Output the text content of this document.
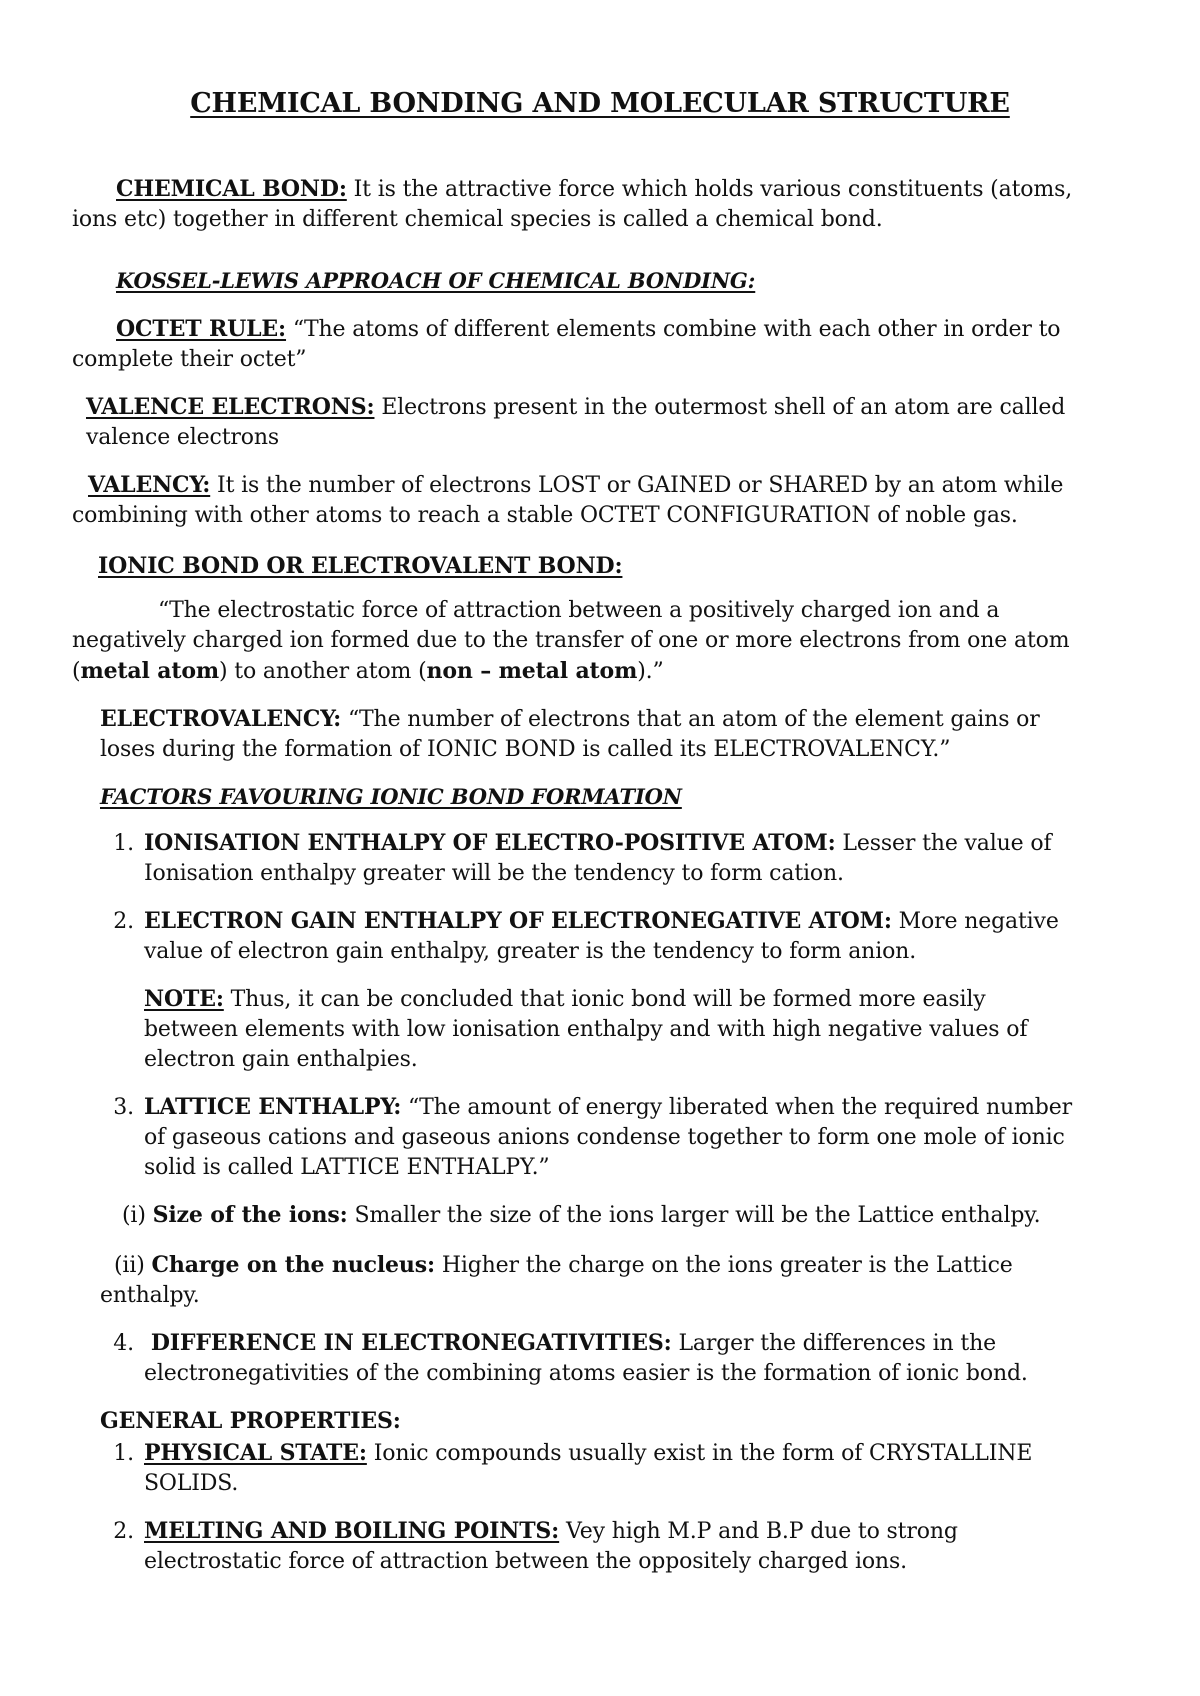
CHEMICAL BONDING AND MOLECULAR STRUCTURE
CHEMICAL BOND: It is the attractive force which holds various constituents (atoms,
ions etc) together in different chemical species is called a chemical bond.
KOSSEL-LEWIS APPROACH OF CHEMICAL BONDING:
OCTET RULE: “The atoms of different elements combine with each other in order to
complete their octet”
VALENCE ELECTRONS: Electrons present in the outermost shell of an atom are called
valence electrons
VALENCY: It is the number of electrons LOST or GAINED or SHARED by an atom while
combining with other atoms to reach a stable OCTET CONFIGURATION of noble gas.
IONIC BOND OR ELECTROVALENT BOND:
“The electrostatic force of attraction between a positively charged ion and a
negatively charged ion formed due to the transfer of one or more electrons from one atom
(metal atom) to another atom (non – metal atom).”
ELECTROVALENCY: “The number of electrons that an atom of the element gains or
loses during the formation of IONIC BOND is called its ELECTROVALENCY.”
FACTORS FAVOURING IONIC BOND FORMATION
1. IONISATION ENTHALPY OF ELECTRO-POSITIVE ATOM: Lesser the value of
Ionisation enthalpy greater will be the tendency to form cation.
2. ELECTRON GAIN ENTHALPY OF ELECTRONEGATIVE ATOM: More negative
value of electron gain enthalpy, greater is the tendency to form anion.
NOTE: Thus, it can be concluded that ionic bond will be formed more easily
between elements with low ionisation enthalpy and with high negative values of
electron gain enthalpies.
3. LATTICE ENTHALPY: “The amount of energy liberated when the required number
of gaseous cations and gaseous anions condense together to form one mole of ionic
solid is called LATTICE ENTHALPY.”
(i) Size of the ions: Smaller the size of the ions larger will be the Lattice enthalpy.
(ii) Charge on the nucleus: Higher the charge on the ions greater is the Lattice
enthalpy.
4. DIFFERENCE IN ELECTRONEGATIVITIES: Larger the differences in the
electronegativities of the combining atoms easier is the formation of ionic bond.
GENERAL PROPERTIES:
1. PHYSICAL STATE: Ionic compounds usually exist in the form of CRYSTALLINE
SOLIDS.
2. MELTING AND BOILING POINTS: Vey high M.P and B.P due to strong
electrostatic force of attraction between the oppositely charged ions.
